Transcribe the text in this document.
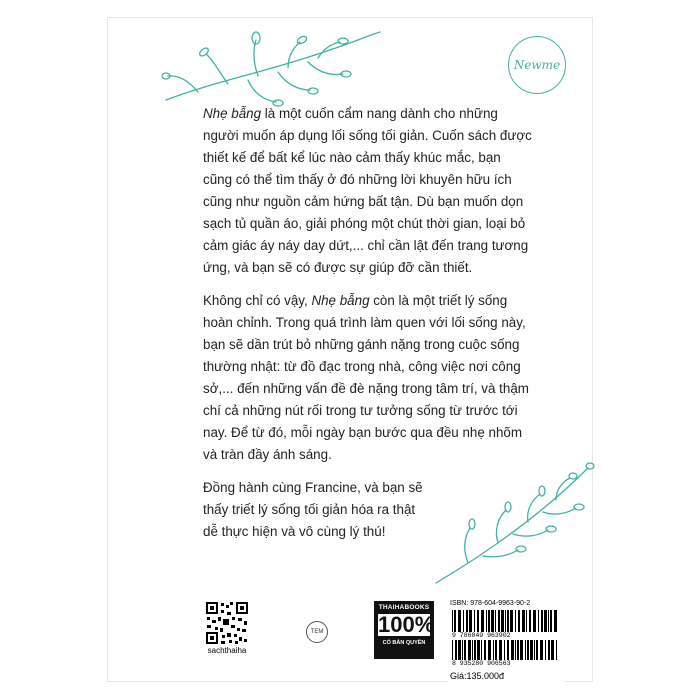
Newme
sachthaiha
TEM
THAIHABOOKS
100%
CÓ BẢN QUYỀN
ISBN: 978-604-9963-90-2
9 786049 963902
8 935280 906563
Giá:135.000đ

Nhẹ bẫng là một cuốn cẩm nang dành cho những người muốn áp dụng lối sống tối giản. Cuốn sách được thiết kế để bất kể lúc nào cảm thấy khúc mắc, bạn cũng có thể tìm thấy ở đó những lời khuyên hữu ích cũng như nguồn cảm hứng bất tận. Dù bạn muốn dọn sạch tủ quần áo, giải phóng một chút thời gian, loại bỏ cảm giác áy náy day dứt,... chỉ cần lật đến trang tương ứng, và bạn sẽ có được sự giúp đỡ cần thiết.

Không chỉ có vậy, Nhẹ bẫng còn là một triết lý sống hoàn chỉnh. Trong quá trình làm quen với lối sống này, bạn sẽ dần trút bỏ những gánh nặng trong cuộc sống thường nhật: từ đồ đạc trong nhà, công việc nơi công sở,... đến những vấn đề đè nặng trong tâm trí, và thậm chí cả những nút rối trong tư tưởng sống từ trước tới nay. Để từ đó, mỗi ngày bạn bước qua đều nhẹ nhõm và tràn đầy ánh sáng.

Đồng hành cùng Francine, và bạn sẽ thấy triết lý sống tối giản hóa ra thật dễ thực hiện và vô cùng lý thú!
